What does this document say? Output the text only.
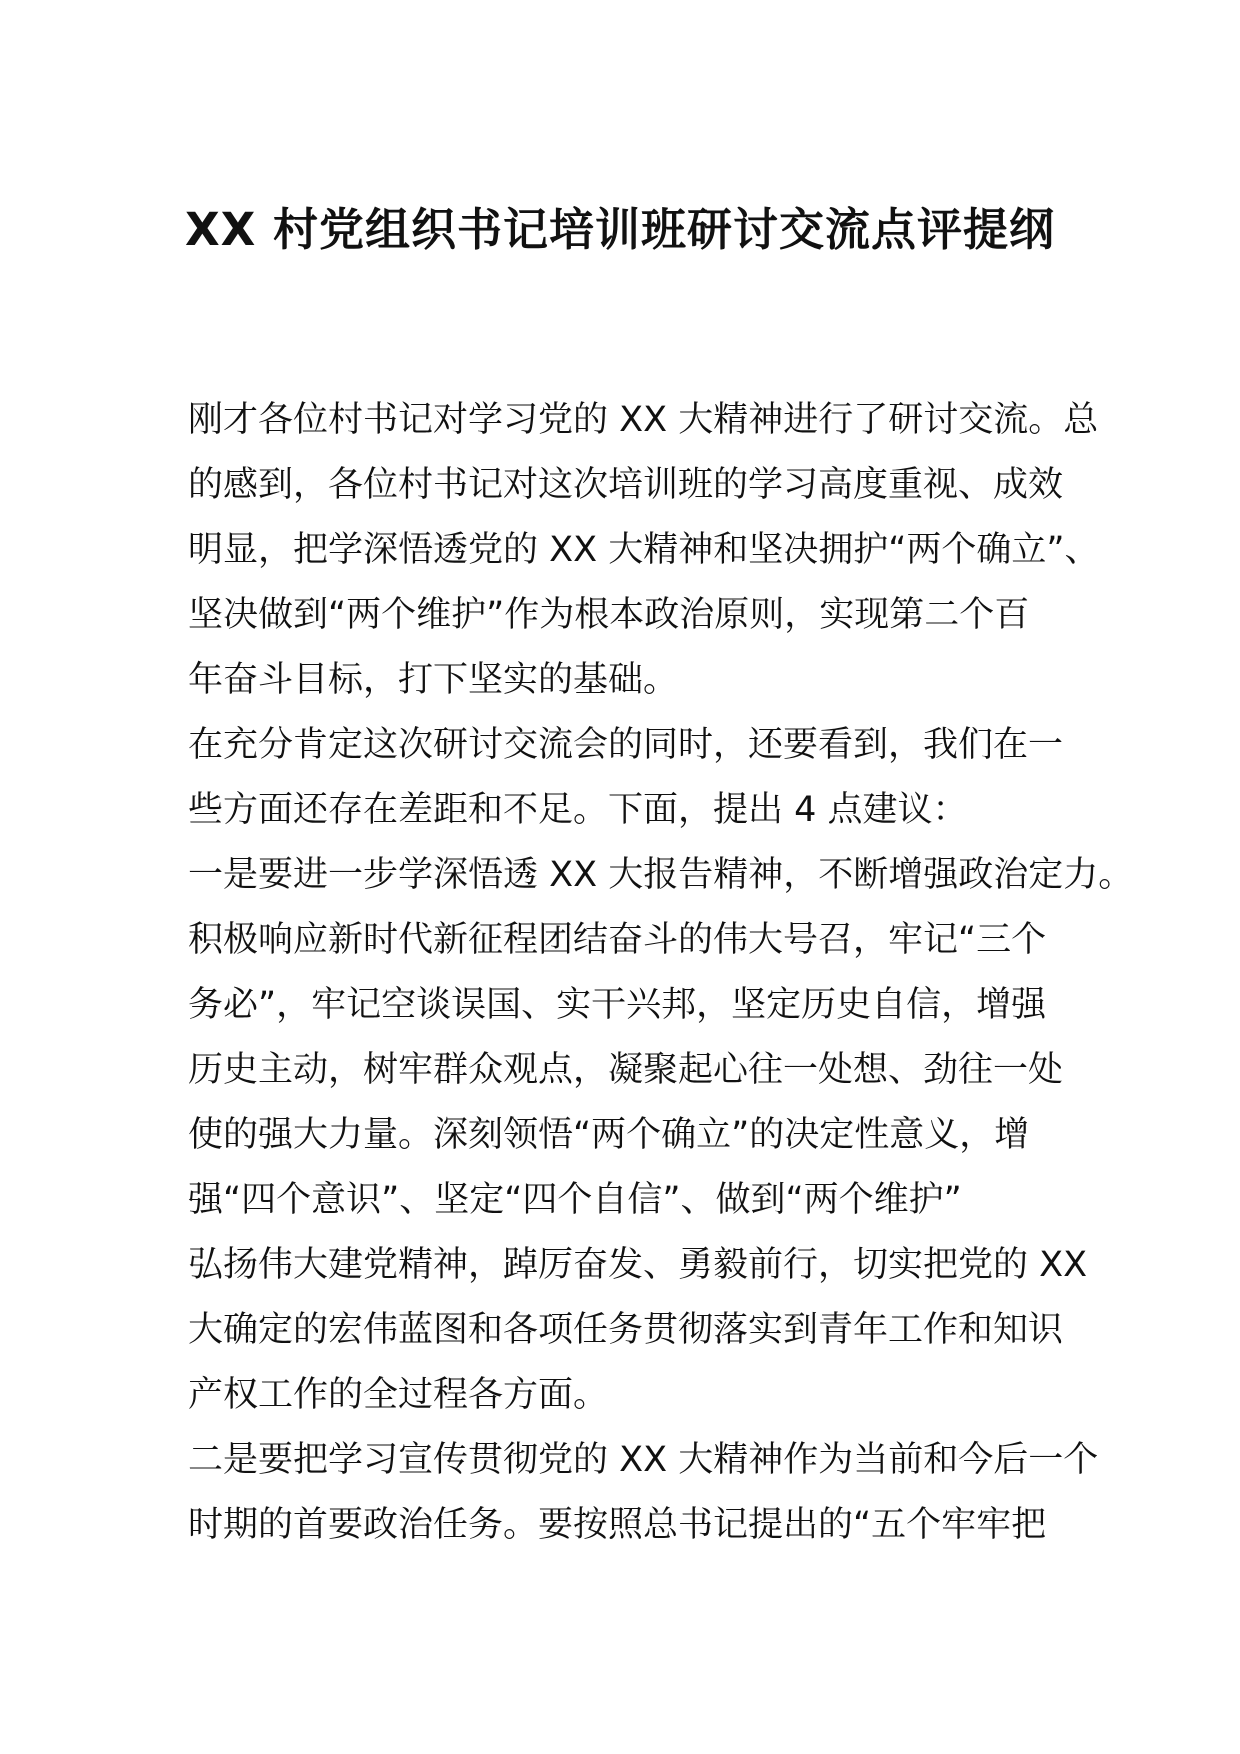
XX 村党组织书记培训班研讨交流点评提纲
刚才各位村书记对学习党的 XX 大精神进行了研讨交流。总
的感到，各位村书记对这次培训班的学习高度重视、成效
明显，把学深悟透党的 XX 大精神和坚决拥护“两个确立”、
坚决做到“两个维护”作为根本政治原则，实现第二个百
年奋斗目标，打下坚实的基础。
在充分肯定这次研讨交流会的同时，还要看到，我们在一
些方面还存在差距和不足。下面，提出 4 点建议：
一是要进一步学深悟透 XX 大报告精神，不断增强政治定力。
积极响应新时代新征程团结奋斗的伟大号召，牢记“三个
务必”，牢记空谈误国、实干兴邦，坚定历史自信，增强
历史主动，树牢群众观点，凝聚起心往一处想、劲往一处
使的强大力量。深刻领悟“两个确立”的决定性意义，增
强“四个意识”、坚定“四个自信”、做到“两个维护”
弘扬伟大建党精神，踔厉奋发、勇毅前行，切实把党的 XX
大确定的宏伟蓝图和各项任务贯彻落实到青年工作和知识
产权工作的全过程各方面。
二是要把学习宣传贯彻党的 XX 大精神作为当前和今后一个
时期的首要政治任务。要按照总书记提出的“五个牢牢把
